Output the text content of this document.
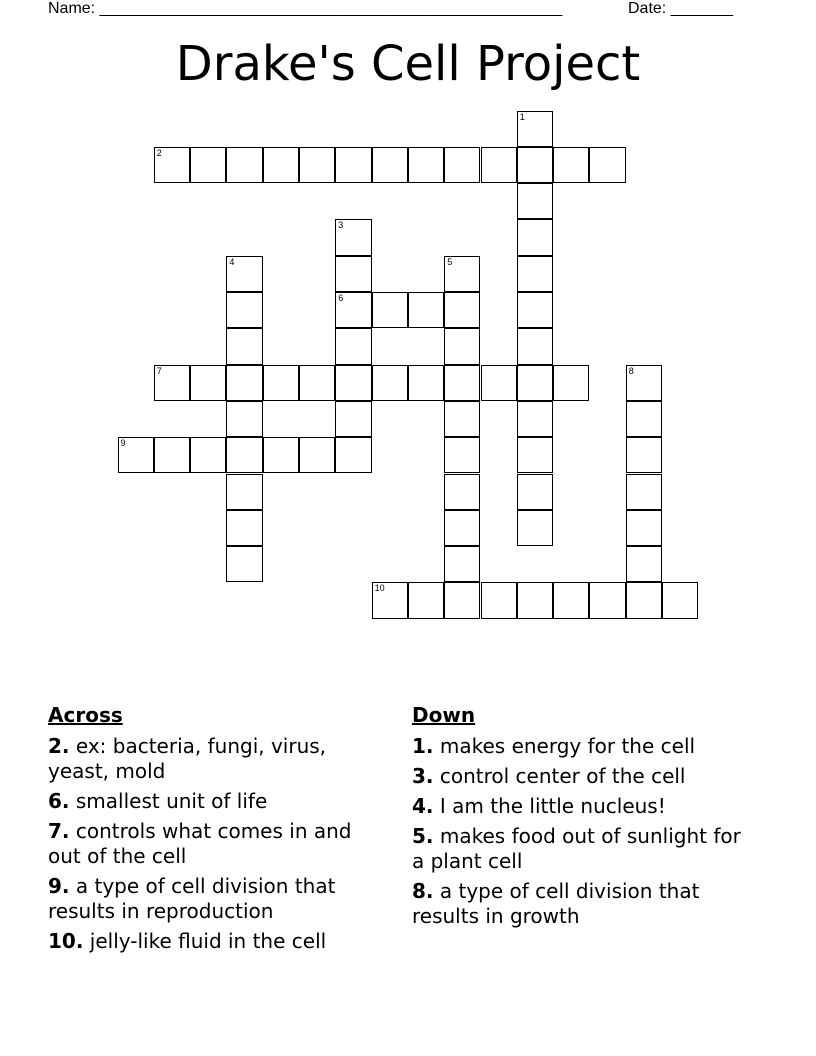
Name: ____________________________________________________	Date: _______
Drake's Cell Project
1
2
3
4	5
6
7	8
9
10
Across
2. ex: bacteria, fungi, virus, yeast, mold
6. smallest unit of life
7. controls what comes in and out of the cell
9. a type of cell division that results in reproduction
10. jelly-like fluid in the cell
Down
1. makes energy for the cell
3. control center of the cell
4. I am the little nucleus!
5. makes food out of sunlight for a plant cell
8. a type of cell division that results in growth
